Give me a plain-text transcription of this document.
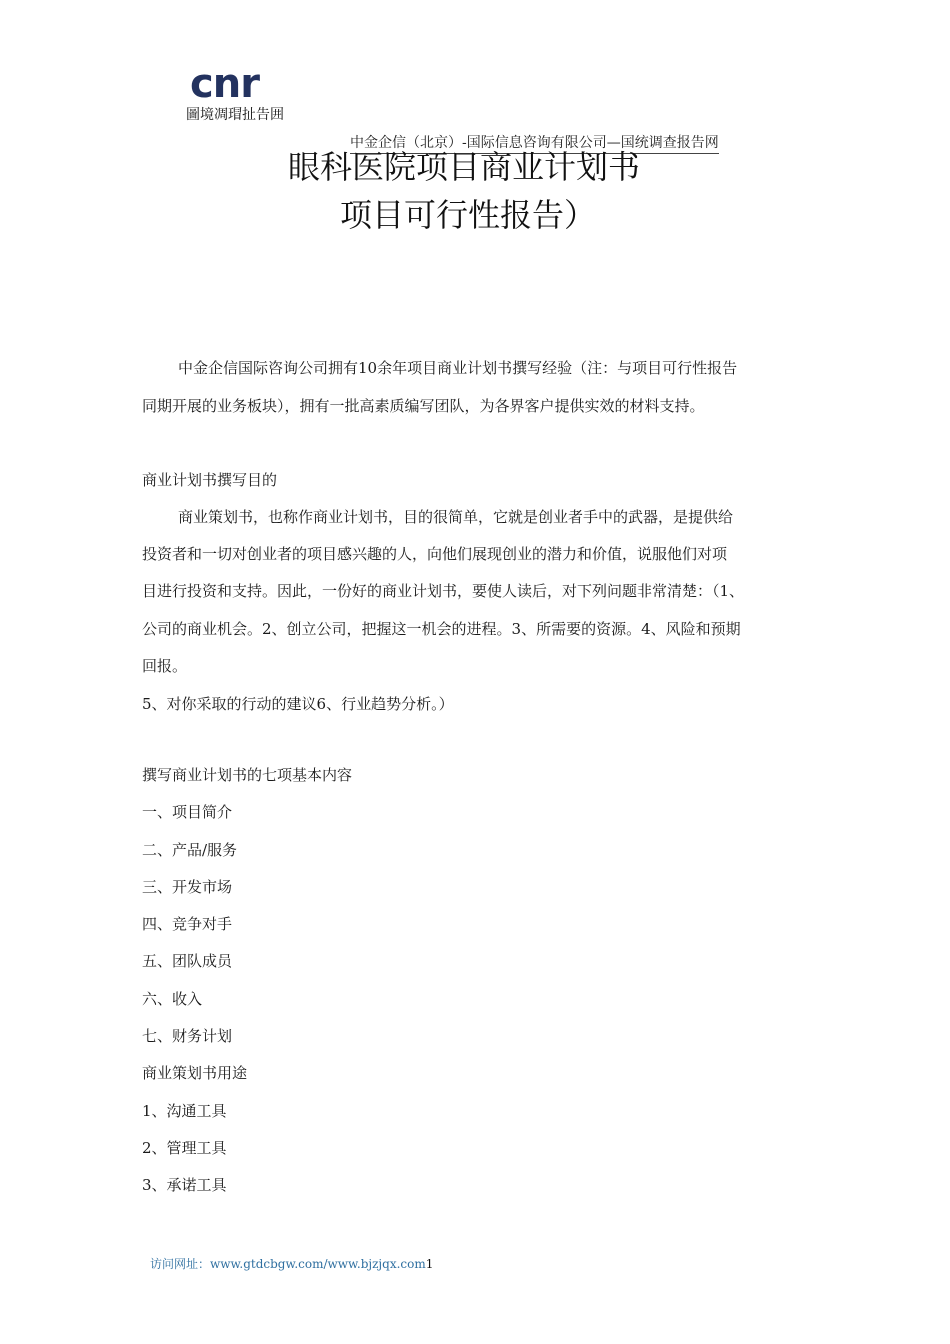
cnr
圖境凋瑁扯告囲
中金企信（北京）-国际信息咨询有限公司—国统调查报告网
眼科医院项目商业计划书
项目可行性报告）
中金企信国际咨询公司拥有10余年项目商业计划书撰写经验（注：与项目可行性报告
同期开展的业务板块），拥有一批高素质编写团队，为各界客户提供实效的材料支持。
商业计划书撰写目的
商业策划书，也称作商业计划书，目的很简单，它就是创业者手中的武器，是提供给
投资者和一切对创业者的项目感兴趣的人，向他们展现创业的潜力和价值，说服他们对项
目进行投资和支持。因此，一份好的商业计划书，要使人读后，对下列问题非常清楚：（1、
公司的商业机会。2、创立公司，把握这一机会的进程。3、所需要的资源。4、风险和预期
回报。
5、对你采取的行动的建议6、行业趋势分析。）
撰写商业计划书的七项基本内容
一、项目简介
二、产品/服务
三、开发市场
四、竞争对手
五、团队成员
六、收入
七、财务计划
商业策划书用途
1、沟通工具
2、管理工具
3、承诺工具
访问网址：www.gtdcbgw.com/www.bjzjqx.com1
